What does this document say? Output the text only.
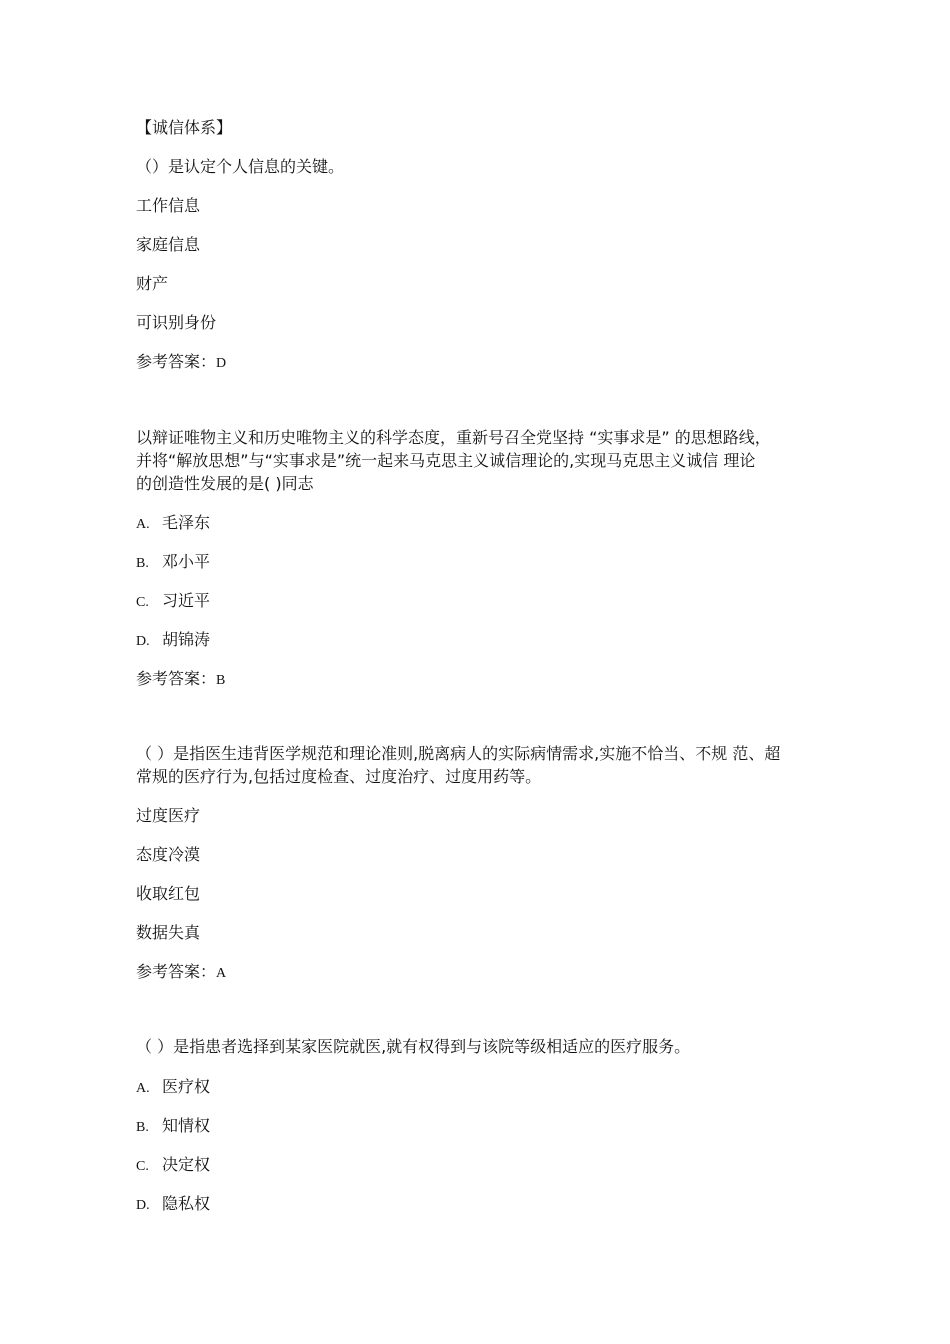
【诚信体系】
（）是认定个人信息的关键。
工作信息
家庭信息
财产
可识别身份
参考答案：D
以辩证唯物主义和历史唯物主义的科学态度，重新号召全党坚持 “实事求是” 的思想路线，
并将“解放思想”与“实事求是”统一起来马克思主义诚信理论的,实现马克思主义诚信 理论
的创造性发展的是( )同志
A. 毛泽东
B. 邓小平
C. 习近平
D. 胡锦涛
参考答案：B
（ ）是指医生违背医学规范和理论准则,脱离病人的实际病情需求,实施不恰当、不规 范、超
常规的医疗行为,包括过度检查、过度治疗、过度用药等。
过度医疗
态度冷漠
收取红包
数据失真
参考答案：A
（ ）是指患者选择到某家医院就医,就有权得到与该院等级相适应的医疗服务。
A. 医疗权
B. 知情权
C. 决定权
D. 隐私权
